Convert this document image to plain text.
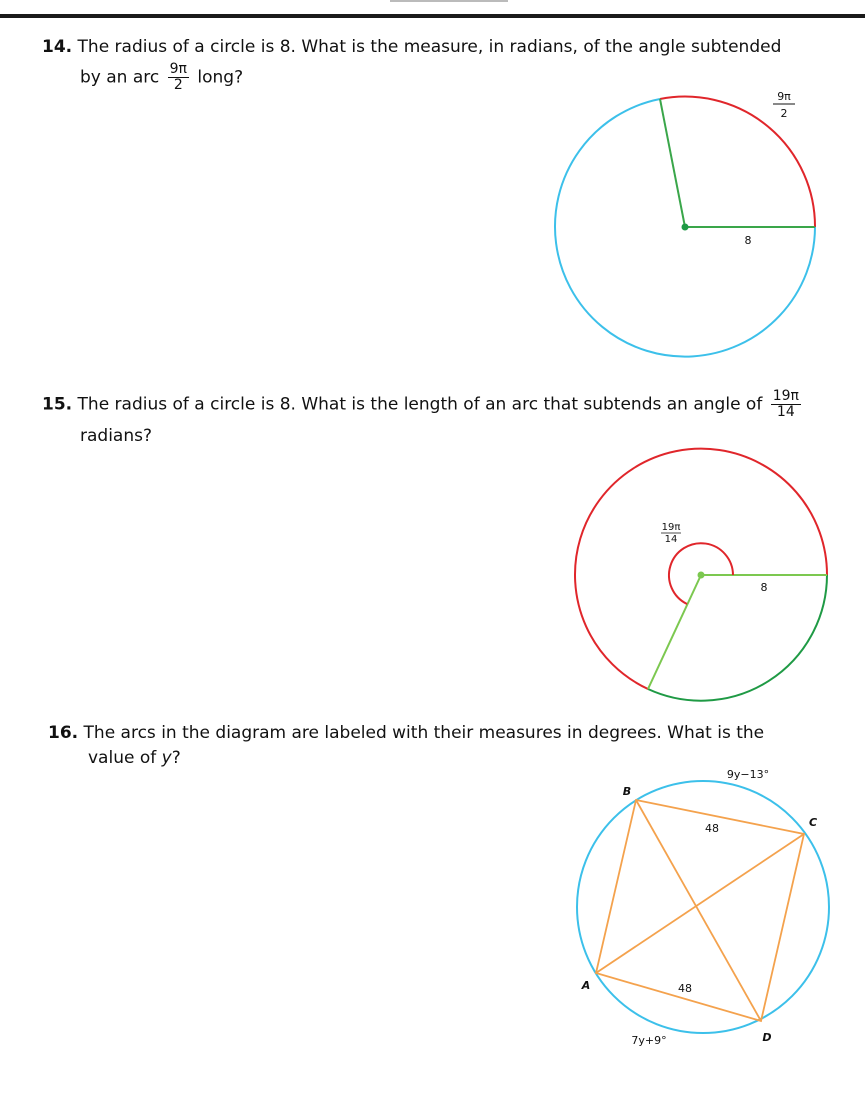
14. The radius of a circle is 8. What is the measure, in radians, of the angle subtended
by an arc $\frac{9\pi}{2}$ long?
15. The radius of a circle is 8. What is the length of an arc that subtends an angle of $\frac{19\pi}{14}$
radians?
16. The arcs in the diagram are labeled with their measures in degrees. What is the
value of y?
9π
2
8
19π
14
8
B
C
A
D
9y−13°
48
48
7y+9°
